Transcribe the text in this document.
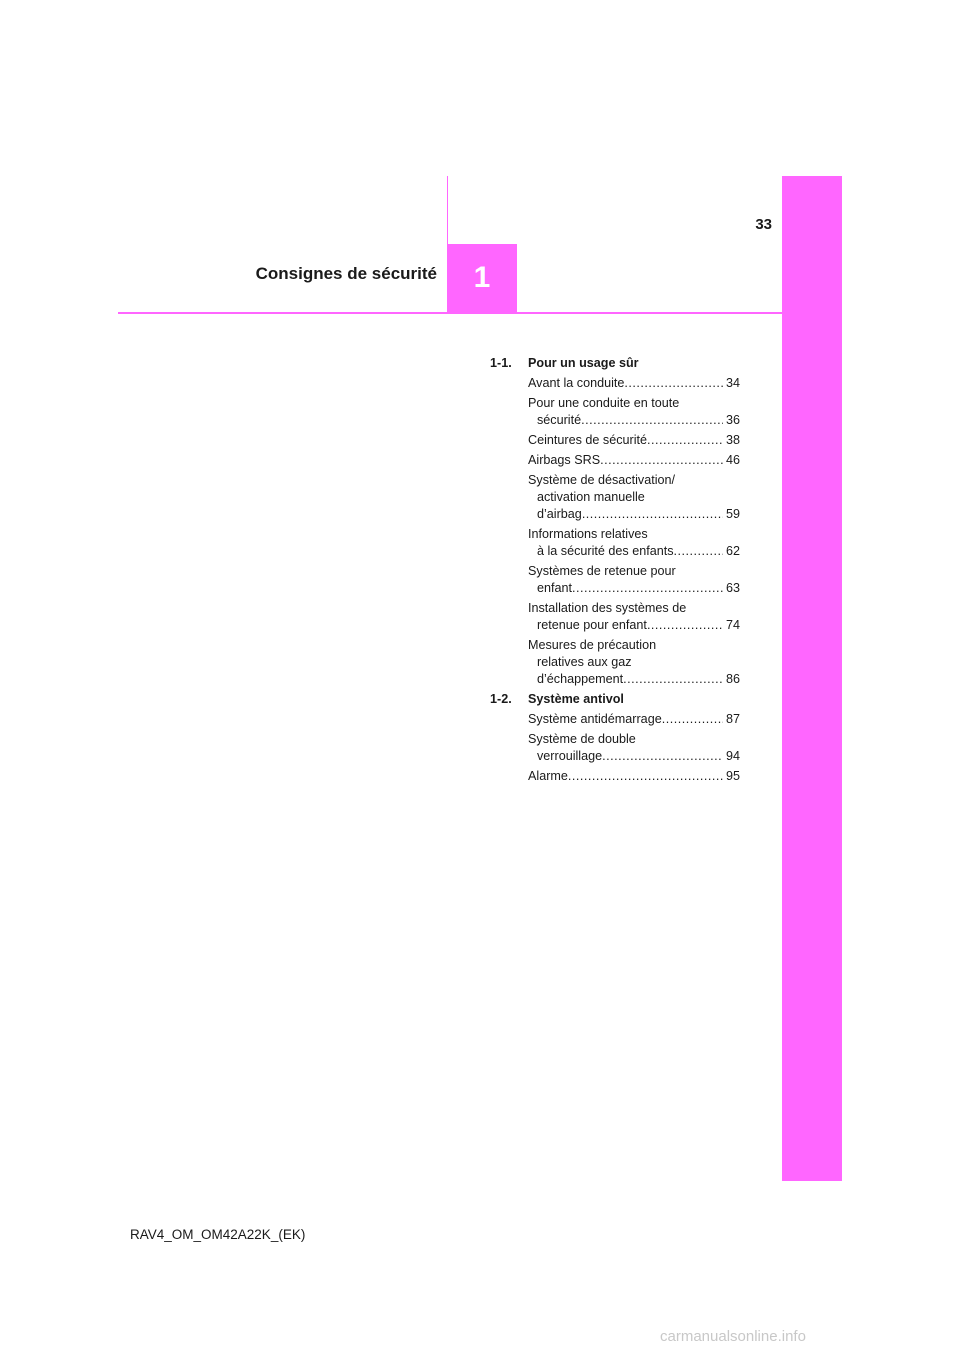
1
33
Consignes de sécurité
1-1.	Pour un usage sûr
Avant la conduite .....	34
Pour une conduite en toute
sécurité .....	36
Ceintures de sécurité .....	38
Airbags SRS .....	46
Système de désactivation/
activation manuelle
d’airbag .....	59
Informations relatives
à la sécurité des enfants .....	62
Systèmes de retenue pour
enfant .....	63
Installation des systèmes de
retenue pour enfant .....	74
Mesures de précaution
relatives aux gaz
d’échappement .....	86
1-2.	Système antivol
Système antidémarrage .....	87
Système de double
verrouillage .....	94
Alarme .....	95
RAV4_OM_OM42A22K_(EK)
carmanualsonline.info
